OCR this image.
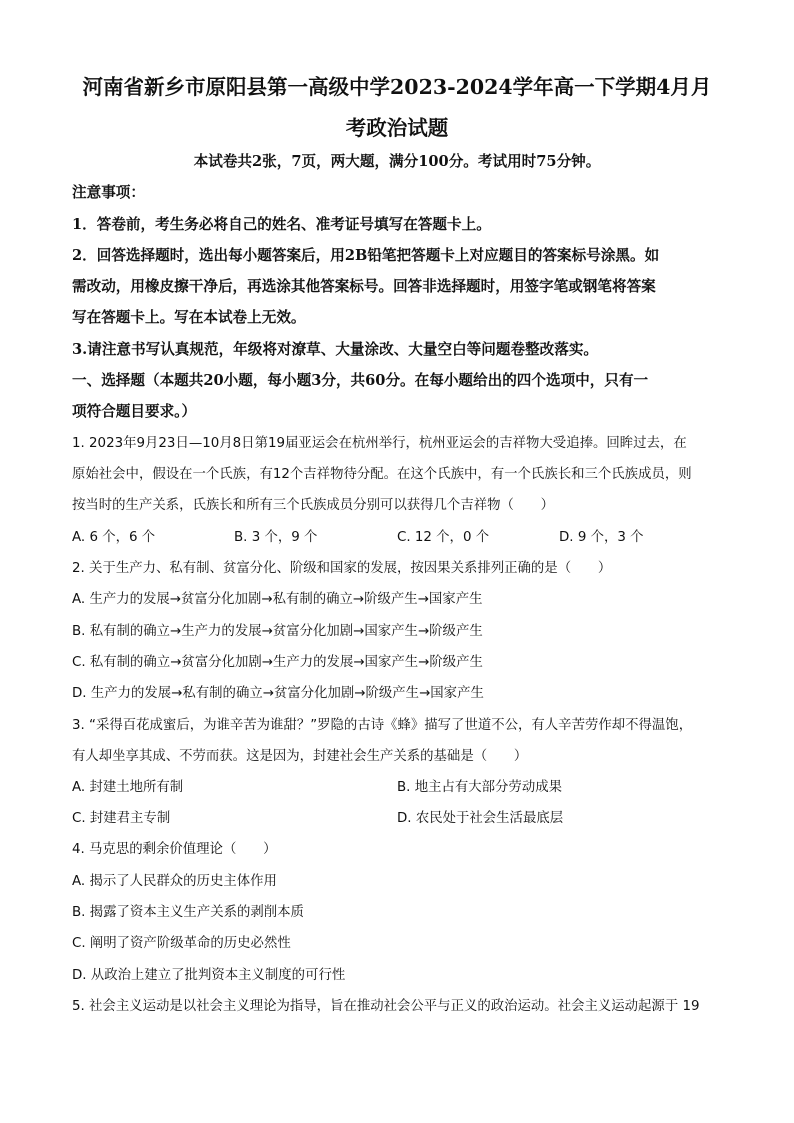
河南省新乡市原阳县第一高级中学2023-2024学年高一下学期4月月
考政治试题
本试卷共2张，7页，两大题，满分100分。考试用时75分钟。
注意事项：
1．答卷前，考生务必将自己的姓名、准考证号填写在答题卡上。
2．回答选择题时，选出每小题答案后，用2B铅笔把答题卡上对应题目的答案标号涂黑。如
需改动，用橡皮擦干净后，再选涂其他答案标号。回答非选择题时，用签字笔或钢笔将答案
写在答题卡上。写在本试卷上无效。
3.请注意书写认真规范，年级将对潦草、大量涂改、大量空白等问题卷整改落实。
一、选择题（本题共20小题，每小题3分，共60分。在每小题给出的四个选项中，只有一
项符合题目要求。）
1. 2023年9月23日—10月8日第19届亚运会在杭州举行，杭州亚运会的吉祥物大受追捧。回眸过去，在
原始社会中，假设在一个氏族，有12个吉祥物待分配。在这个氏族中，有一个氏族长和三个氏族成员，则
按当时的生产关系，氏族长和所有三个氏族成员分别可以获得几个吉祥物（　　）
A. 6 个，6 个	B. 3 个，9 个	C. 12 个，0 个	D. 9 个，3 个
2. 关于生产力、私有制、贫富分化、阶级和国家的发展，按因果关系排列正确的是（　　）
A. 生产力的发展→贫富分化加剧→私有制的确立→阶级产生→国家产生
B. 私有制的确立→生产力的发展→贫富分化加剧→国家产生→阶级产生
C. 私有制的确立→贫富分化加剧→生产力的发展→国家产生→阶级产生
D. 生产力的发展→私有制的确立→贫富分化加剧→阶级产生→国家产生
3. “采得百花成蜜后，为谁辛苦为谁甜？”罗隐的古诗《蜂》描写了世道不公，有人辛苦劳作却不得温饱，
有人却坐享其成、不劳而获。这是因为，封建社会生产关系的基础是（　　）
A. 封建土地所有制	B. 地主占有大部分劳动成果
C. 封建君主专制	D. 农民处于社会生活最底层
4. 马克思的剩余价值理论（　　）
A. 揭示了人民群众的历史主体作用
B. 揭露了资本主义生产关系的剥削本质
C. 阐明了资产阶级革命的历史必然性
D. 从政治上建立了批判资本主义制度的可行性
5. 社会主义运动是以社会主义理论为指导，旨在推动社会公平与正义的政治运动。社会主义运动起源于 19
